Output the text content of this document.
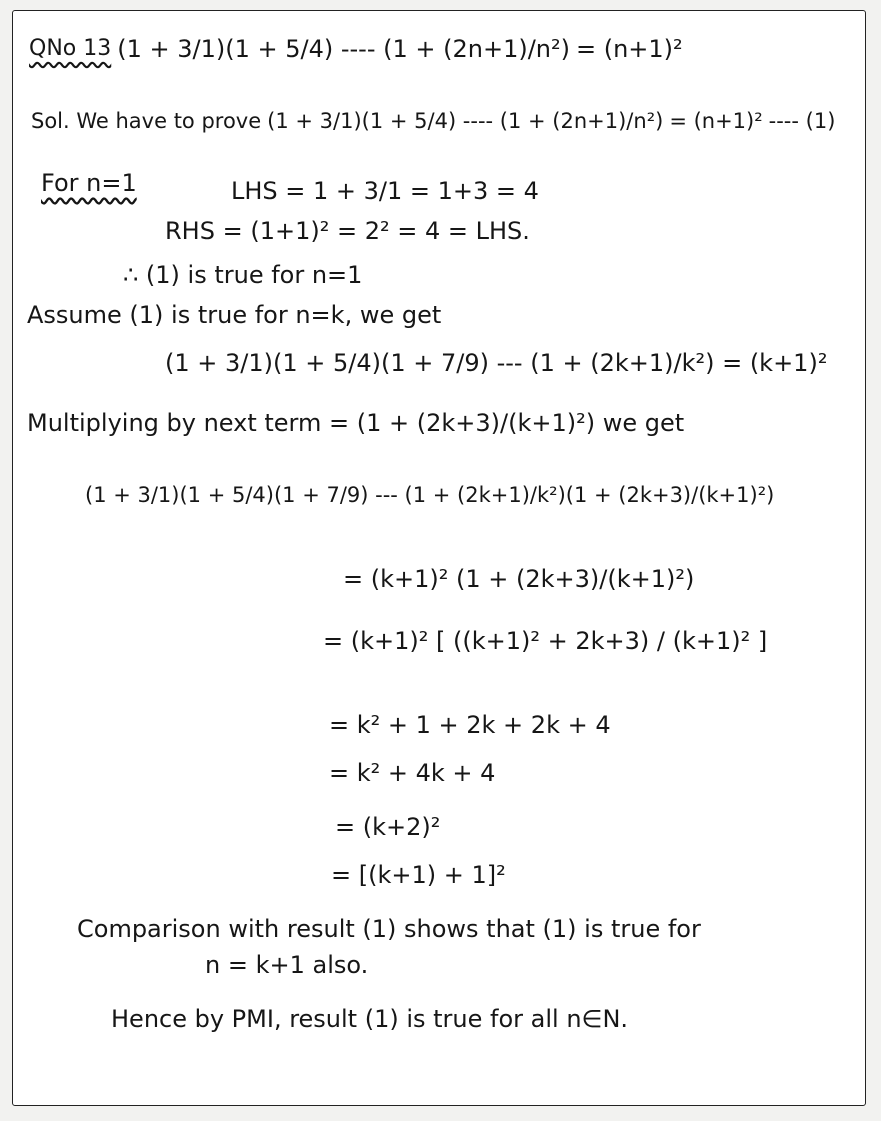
QNo 13 (1 + 3/1)(1 + 5/4) ---- (1 + (2n+1)/n²) = (n+1)²
Sol. We have to prove (1 + 3/1)(1 + 5/4) ---- (1 + (2n+1)/n²) = (n+1)² ---- (1)
For n=1	LHS = 1 + 3/1 = 1+3 = 4
RHS = (1+1)² = 2² = 4 = LHS.
∴ (1) is true for n=1
Assume (1) is true for n=k, we get
(1 + 3/1)(1 + 5/4)(1 + 7/9) --- (1 + (2k+1)/k²) = (k+1)²
Multiplying by next term = (1 + (2k+3)/(k+1)²) we get
(1 + 3/1)(1 + 5/4)(1 + 7/9) --- (1 + (2k+1)/k²)(1 + (2k+3)/(k+1)²)
= (k+1)² (1 + (2k+3)/(k+1)²)
= (k+1)² [ ((k+1)² + 2k+3) / (k+1)² ]
= k² + 1 + 2k + 2k + 4
= k² + 4k + 4
= (k+2)²
= [(k+1) + 1]²
Comparison with result (1) shows that (1) is true for
n = k+1 also.
Hence by PMI, result (1) is true for all n∈N.
